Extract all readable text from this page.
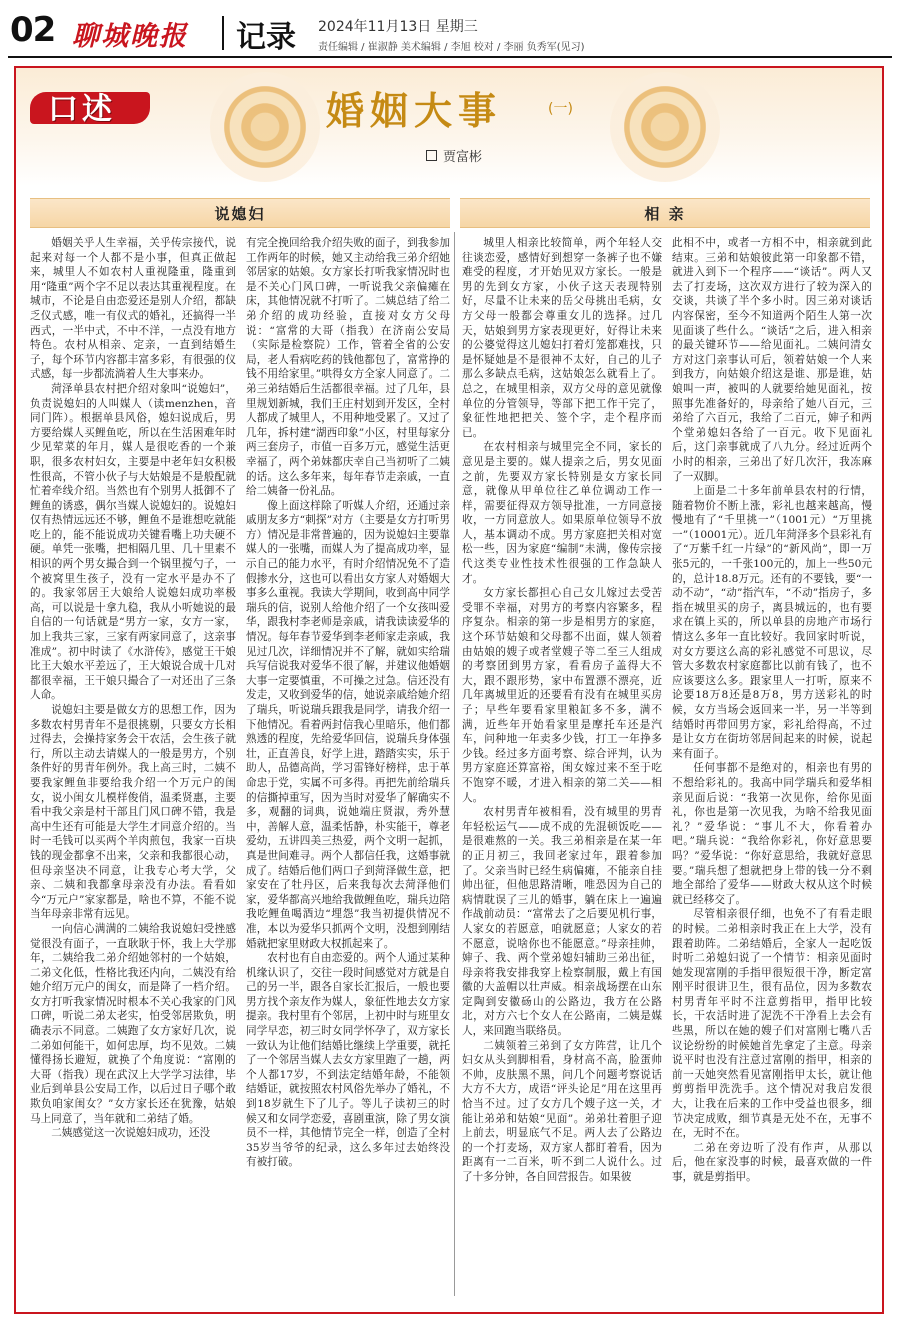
02 聊城晚报 记录 2024年11月13日 星期三
责任编辑 / 崔淑静 美术编辑 / 李旭 校对 / 李丽 负秀军(见习)
口述	婚姻大事	(一)
贾富彬
说媳妇	相 亲

婚姻关乎人生幸福，关乎传宗接代，说起来对每一个人都不是小事，但真正做起来，城里人不如农村人重视隆重，隆重到用“隆重”两个字不足以表达其重视程度。在城市，不论是自由恋爱还是别人介绍，都缺乏仪式感，唯一有仪式的婚礼，还搞得一半西式，一半中式，不中不洋，一点没有地方特色。农村从相亲、定亲，一直到结婚生子，每个环节内容都丰富多彩，有很强的仪式感，每一步都流淌着人生大事来办。

菏泽单县农村把介绍对象叫“说媳妇”，负责说媳妇的人叫媒人（读menzhen，音同门阵）。根据单县风俗，媳妇说成后，男方要给媒人买鲤鱼吃，所以在生活困难年时少见荤菜的年月，媒人是很吃香的一个兼职，很多农村妇女，主要是中老年妇女积极性很高，不管小伙子与大姑娘是不是般配就忙着牵线介绍。当然也有个别男人抵御不了鲤鱼的诱惑，偶尔当媒人说媳妇的。说媳妇仅有热情远远还不够，鲤鱼不是谁想吃就能吃上的，能不能说成功关键看嘴上功夫硬不硬。单凭一张嘴，把相隔几里、几十里素不相识的两个男女撮合到一个锅里搅勺子，一个被窝里生孩子，没有一定水平是办不了的。我家邻居王大娘给人说媳妇成功率极高，可以说是十拿九稳，我从小听她说的最自信的一句话就是“男方一家，女方一家，加上我共三家，三家有两家同意了，这亲事准成”。初中时读了《水浒传》，感觉王干娘比王大娘水平差远了，王大娘说合成十几对都很幸福，王干娘只撮合了一对还出了三条人命。

说媳妇主要是做女方的思想工作，因为多数农村男青年不是很挑剔，只要女方长相过得去，会操持家务会干农活，会生孩子就行，所以主动去请媒人的一般是男方，个别条件好的男青年例外。我上高三时，二姨不要我家鲤鱼非要给我介绍一个万元户的闺女，说小闺女儿模样俊俏，温柔贤惠，主要看中我父亲是村干部且门风口碑不错，我是高中生还有可能是大学生才同意介绍的。当时一毛钱可以买两个羊肉煎包，我家一百块钱的现金都拿不出来，父亲和我都很心动，但母亲坚决不同意，让我专心考大学，父亲、二姨和我都拿母亲没有办法。看看如今“万元户”家家都是，啥也不算，不能不说当年母亲非常有远见。

一向信心满满的二姨给我说媳妇受挫感觉很没有面子，一直耿耿于怀，我上大学那年，二姨给我二弟介绍她邻村的一个姑娘，二弟文化低，性格比我还内向，二姨没有给她介绍万元户的闺女，而是降了一档介绍。女方打听我家情况时根本不关心我家的门风口碑，听说二弟太老实，怕受邻居欺负，明确表示不同意。二姨跑了女方家好几次，说二弟如何能干，如何忠厚，均不见效。二姨懂得扬长避短，就换了个角度说：“富刚的大哥（指我）现在武汉上大学学习法律，毕业后到单县公安局工作，以后过日子哪个敢欺负咱家闺女？”女方家长还在犹豫，姑娘马上同意了，当年就和二弟结了婚。

二姨感觉这一次说媳妇成功，还没

有完全挽回给我介绍失败的面子，到我参加工作两年的时候，她又主动给我三弟介绍她邻居家的姑娘。女方家长打听我家情况时也是不关心门风口碑，一听说我父亲偏瘫在床，其他情况就不打听了。二姨总结了给二弟介绍的成功经验，直接对女方父母说：“富常的大哥（指我）在济南公安局（实际是检察院）工作，管着全省的公安局，老人看病吃药的钱他都包了，富常挣的钱不用给家里。”哄得女方全家人同意了。二弟三弟结婚后生活都很幸福。过了几年，县里规划新城，我们王庄村划到开发区，全村人都成了城里人，不用种地受累了。又过了几年，拆村建“湖西印象”小区，村里每家分两三套房子，市值一百多万元，感觉生活更幸福了，两个弟妹都庆幸自己当初听了二姨的话。这么多年来，每年春节走亲戚，一直给二姨备一份礼品。

像上面这样除了听媒人介绍，还通过亲戚朋友多方“刺探”对方（主要是女方打听男方）情况是非常普遍的，因为说媳妇主要靠媒人的一张嘴，而媒人为了提高成功率，显示自己的能力水平，有时介绍情况免不了造假掺水分，这也可以看出女方家人对婚姻大事多么重视。我读大学期间，收到高中同学瑞兵的信，说别人给他介绍了一个女孩叫爱华，跟我村李老师是亲戚，请我读读爱华的情况。每年春节爱华到李老师家走亲戚，我见过几次，详细情况并不了解，就如实给瑞兵写信说我对爱华不很了解，并建议他婚姻大事一定要慎重，不可操之过急。信还没有发走，又收到爱华的信，她说亲戚给她介绍了瑞兵，听说瑞兵跟我是同学，请我介绍一下他情况。看着两封信我心里暗乐，他们都熟透的程度，先给爱华回信，说瑞兵身体强壮，正直善良，好学上进，踏踏实实，乐于助人，品德高尚，学习雷锋好榜样，忠于革命忠于党，实属不可多得。再把先前给瑞兵的信撕掉重写，因为当时对爱华了解确实不多，观翻的词典，说她端庄贤淑，秀外慧中，善解人意，温柔恬静，朴实能干，尊老爱幼，五讲四美三热爱，两个文明一起抓，真是世间难寻。两个人都信任我，这婚事就成了。结婚后他们两口子到菏泽做生意，把家安在了牡丹区，后来我每次去菏泽他们家，爱华都高兴地给我做鲤鱼吃，瑞兵边陪我吃鲤鱼喝酒边“埋怨”我当初提供情况不准，本以为爱华只抓两个文明，没想到刚结婚就把家里财政大权抓起来了。

农村也有自由恋爱的。两个人通过某种机缘认识了，交往一段时间感觉对方就是自己的另一半，跟各自家长汇报后，一般也要男方找个亲友作为媒人，象征性地去女方家提亲。我村里有个邻居，上初中时与班里女同学早恋，初三时女同学怀孕了，双方家长一致认为让他们结婚比继续上学重要，就托了一个邻居当媒人去女方家里跑了一趟，两个人都17岁，不到法定结婚年龄，不能领结婚证，就按照农村风俗先举办了婚礼，不到18岁就生下了儿子。等儿子读初三的时候又和女同学恋爱，喜剧重演，除了男女演员不一样，其他情节完全一样，创造了全村35岁当爷爷的纪录，这么多年过去始终没有被打破。

城里人相亲比较简单，两个年轻人交往谈恋爱，感情好到想穿一条裤子也不嫌难受的程度，才开始见双方家长。一般是男的先到女方家，小伙子这天表现特别好，尽量不让未来的岳父母挑出毛病，女方父母一般都会尊重女儿的选择。过几天，姑娘到男方家表现更好，好得让未来的公婆觉得这儿媳妇打着灯笼都难找，只是怀疑她是不是很神不太好，自己的儿子那么多缺点毛病，这姑娘怎么就看上了。总之，在城里相亲，双方父母的意见就像单位的分管领导，等部下把工作干完了，象征性地把把关、签个字，走个程序而已。

在农村相亲与城里完全不同，家长的意见是主要的。媒人提亲之后，男女见面之前，先要双方家长特别是女方家长同意，就像从甲单位往乙单位调动工作一样，需要征得双方领导批准，一方同意接收，一方同意放人。如果原单位领导不放人，基本调动不成。男方家庭把关相对宽松一些，因为家庭“编制”未满，像传宗接代这类专业性技术性很强的工作急缺人才。

女方家长都担心自己女儿嫁过去受苦受罪不幸福，对男方的考察内容繁多，程序复杂。相亲的第一步是相男方的家庭，这个环节姑娘和父母都不出面，媒人领着由姑娘的嫂子或者堂嫂子等二至三人组成的考察团到男方家，看看房子盖得大不大，跟不跟形势，家中布置漂不漂亮，近几年离城里近的还要看有没有在城里买房子；早些年要看家里粮缸多不多，满不满，近些年开始看家里是摩托车还是汽车，问种地一年卖多少钱，打工一年挣多少钱。经过多方面考察、综合评判，认为男方家庭还算富裕，闺女嫁过来不至于吃不饱穿不暖，才进入相亲的第二关——相人。

农村男青年被相看，没有城里的男青年轻松运气——成不成的先混顿饭吃——是很难熬的一关。我三弟相亲是在某一年的正月初三，我回老家过年，跟着参加了。父亲当时已经生病偏瘫，不能亲自挂帅出征，但他思路清晰，唯恐因为自己的病情耽误了三儿的婚事，躺在床上一遍遍作战前动员：“富常去了之后要见机行事，人家女的若愿意，咱就愿意；人家女的若不愿意，说啥你也不能愿意。”母亲挂帅，婶子、我、两个堂弟媳妇辅助三弟出征，母亲将我安排我穿上检察制服，戴上有国徽的大盖帽以壮声威。相亲战场摆在山东定陶到安徽砀山的公路边，我方在公路北，对方六七个女人在公路南，二姨是媒人，来回跑当联络员。

二姨领着三弟到了女方阵营，让几个妇女从头到脚相看，身材高不高，脸蛋帅不帅，皮肤黑不黑，问几个问题考察说话大方不大方，成语“评头论足”用在这里再恰当不过。过了女方几个嫂子这一关，才能让弟弟和姑娘“见面”。弟弟壮着胆子迎上前去，明显底气不足。两人去了公路边的一个打麦场，双方家人都盯着看，因为距离有一二百米，听不到二人说什么。过了十多分钟，各自回营报告。如果彼

此相不中，或者一方相不中，相亲就到此结束。三弟和姑娘彼此第一印象都不错，就进入到下一个程序——“谈话”。两人又去了打麦场，这次双方进行了较为深入的交谈，共谈了半个多小时。因三弟对谈话内容保密，至今不知道两个陌生人第一次见面谈了些什么。“谈话”之后，进入相亲的最关键环节——给见面礼。二姨问清女方对这门亲事认可后，领着姑娘一个人来到我方，向姑娘介绍这是谁、那是谁，姑娘叫一声，被叫的人就要给她见面礼，按照事先准备好的，母亲给了她八百元，三弟给了六百元，我给了二百元，婶子和两个堂弟媳妇各给了一百元。收下见面礼后，这门亲事就成了八九分。经过近两个小时的相亲，三弟出了好几次汗，我冻麻了一双脚。

上面是二十多年前单县农村的行情，随着物价不断上涨，彩礼也越来越高，慢慢地有了“千里挑一”（1001元）“万里挑一”（10001元）。近几年菏泽多个县彩礼有了“万紫千红一片绿”的“新风尚”，即一万张5元的，一千张100元的，加上一些50元的，总计18.8万元。还有的不要钱，要“一动不动”，“动”指汽车，“不动”指房子，多指在城里买的房子，离县城远的，也有要求在镇上买的，所以单县的房地产市场行情这么多年一直比较好。我回家时听说，对女方要这么高的彩礼感觉不可思议，尽管大多数农村家庭都比以前有钱了，也不应该要这么多。跟家里人一打听，原来不论要18万8还是8万8，男方送彩礼的时候，女方当场会返回来一半，另一半等到结婚时再带回男方家，彩礼给得高，不过是让女方在街坊邻居间起来的时候，说起来有面子。

任何事都不是绝对的，相亲也有男的不想给彩礼的。我高中同学瑞兵和爱华相亲见面后说：“我第一次见你，给你见面礼，你也是第一次见我，为啥不给我见面礼？”爱华说：“事儿不大，你看着办吧。”瑞兵说：“我给你彩礼，你好意思要吗？”爱华说：“你好意思给，我就好意思要。”瑞兵想了想就把身上带的钱一分不剩地全部给了爱华——财政大权从这个时候就已经移交了。

尽管相亲很仔细，也免不了有看走眼的时候。二弟相亲时我正在上大学，没有跟着助阵。二弟结婚后，全家人一起吃饭时听二弟媳妇说了一个情节：相亲见面时她发现富刚的手指甲很短很干净，断定富刚平时很讲卫生，很有品位，因为多数农村男青年平时不注意剪指甲，指甲比较长，干农活时进了泥洗不干净看上去会有些黑，所以在她的嫂子们对富刚七嘴八舌议论纷纷的时候她首先拿定了主意。母亲说平时也没有注意过富刚的指甲，相亲的前一天她突然看见富刚指甲太长，就让他剪剪指甲洗洗手。这个情况对我启发很大，让我在后来的工作中受益也很多，细节决定成败，细节真是无处不在，无事不在，无时不在。

二弟在旁边听了没有作声，从那以后，他在家没事的时候，最喜欢做的一件事，就是剪指甲。
